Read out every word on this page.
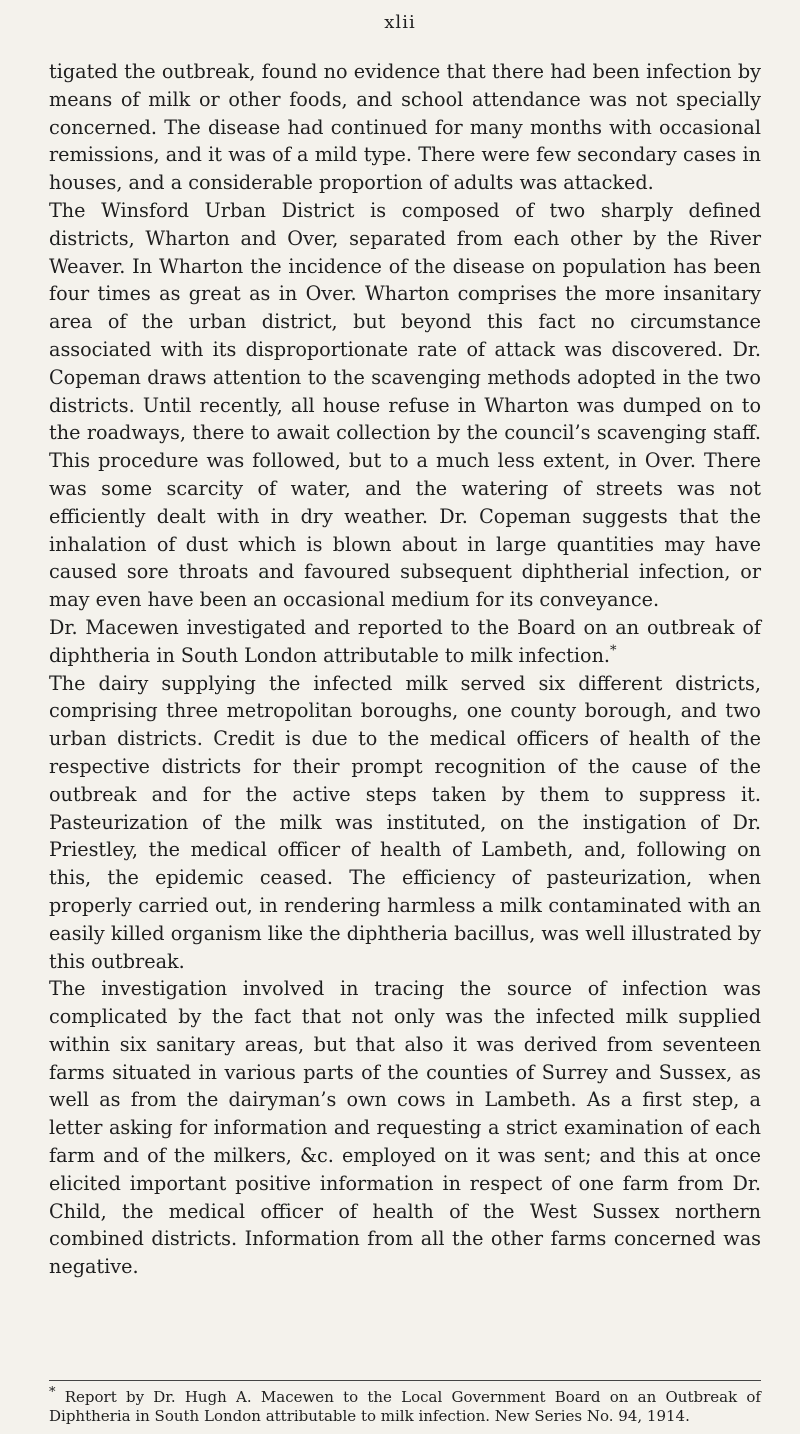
xlii

tigated the outbreak, found no evidence that there had been infection by means of milk or other foods, and school attendance was not specially concerned. The disease had continued for many months with occasional remissions, and it was of a mild type. There were few secondary cases in houses, and a considerable proportion of adults was attacked.

The Winsford Urban District is composed of two sharply defined districts, Wharton and Over, separated from each other by the River Weaver. In Wharton the incidence of the disease on population has been four times as great as in Over. Wharton comprises the more insanitary area of the urban district, but beyond this fact no circumstance associated with its disproportionate rate of attack was discovered. Dr. Copeman draws attention to the scavenging methods adopted in the two districts. Until recently, all house refuse in Wharton was dumped on to the roadways, there to await collection by the council’s scavenging staff. This procedure was followed, but to a much less extent, in Over. There was some scarcity of water, and the watering of streets was not efficiently dealt with in dry weather. Dr. Copeman suggests that the inhalation of dust which is blown about in large quantities may have caused sore throats and favoured subsequent diphtherial infection, or may even have been an occasional medium for its conveyance.

Dr. Macewen investigated and reported to the Board on an outbreak of diphtheria in South London attributable to milk infection.*

The dairy supplying the infected milk served six different districts, comprising three metropolitan boroughs, one county borough, and two urban districts. Credit is due to the medical officers of health of the respective districts for their prompt recognition of the cause of the outbreak and for the active steps taken by them to suppress it. Pasteurization of the milk was instituted, on the instigation of Dr. Priestley, the medical officer of health of Lambeth, and, following on this, the epidemic ceased. The efficiency of pasteurization, when properly carried out, in rendering harmless a milk contaminated with an easily killed organism like the diphtheria bacillus, was well illustrated by this outbreak.

The investigation involved in tracing the source of infection was complicated by the fact that not only was the infected milk supplied within six sanitary areas, but that also it was derived from seventeen farms situated in various parts of the counties of Surrey and Sussex, as well as from the dairyman’s own cows in Lambeth. As a first step, a letter asking for information and requesting a strict examination of each farm and of the milkers, &c. employed on it was sent; and this at once elicited important positive information in respect of one farm from Dr. Child, the medical officer of health of the West Sussex northern combined districts. Information from all the other farms concerned was negative.

* Report by Dr. Hugh A. Macewen to the Local Government Board on an Outbreak of Diphtheria in South London attributable to milk infection. New Series No. 94, 1914.
